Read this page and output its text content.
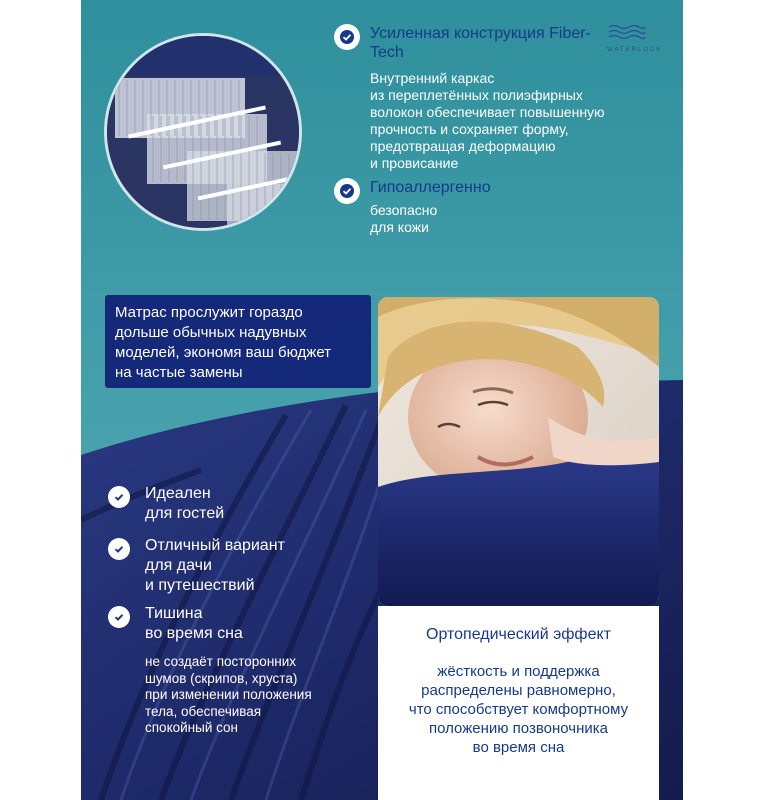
WATERLOCK
Усиленная конструкция Fiber-Tech
Внутренний каркас
из переплетённых полиэфирных
волокон обеспечивает повышенную
прочность и сохраняет форму,
предотвращая деформацию
и провисание
Гипоаллергенно
безопасно
для кожи
Матрас прослужит гораздо
дольше обычных надувных
моделей, экономя ваш бюджет
на частые замены
Ортопедический эффект
жёсткость и поддержка
распределены равномерно,
что способствует комфортному
положению позвоночника
во время сна
Идеален
для гостей
Отличный вариант
для дачи
и путешествий
Тишина
во время сна
не создаёт посторонних
шумов (скрипов, хруста)
при изменении положения
тела, обеспечивая
спокойный сон
